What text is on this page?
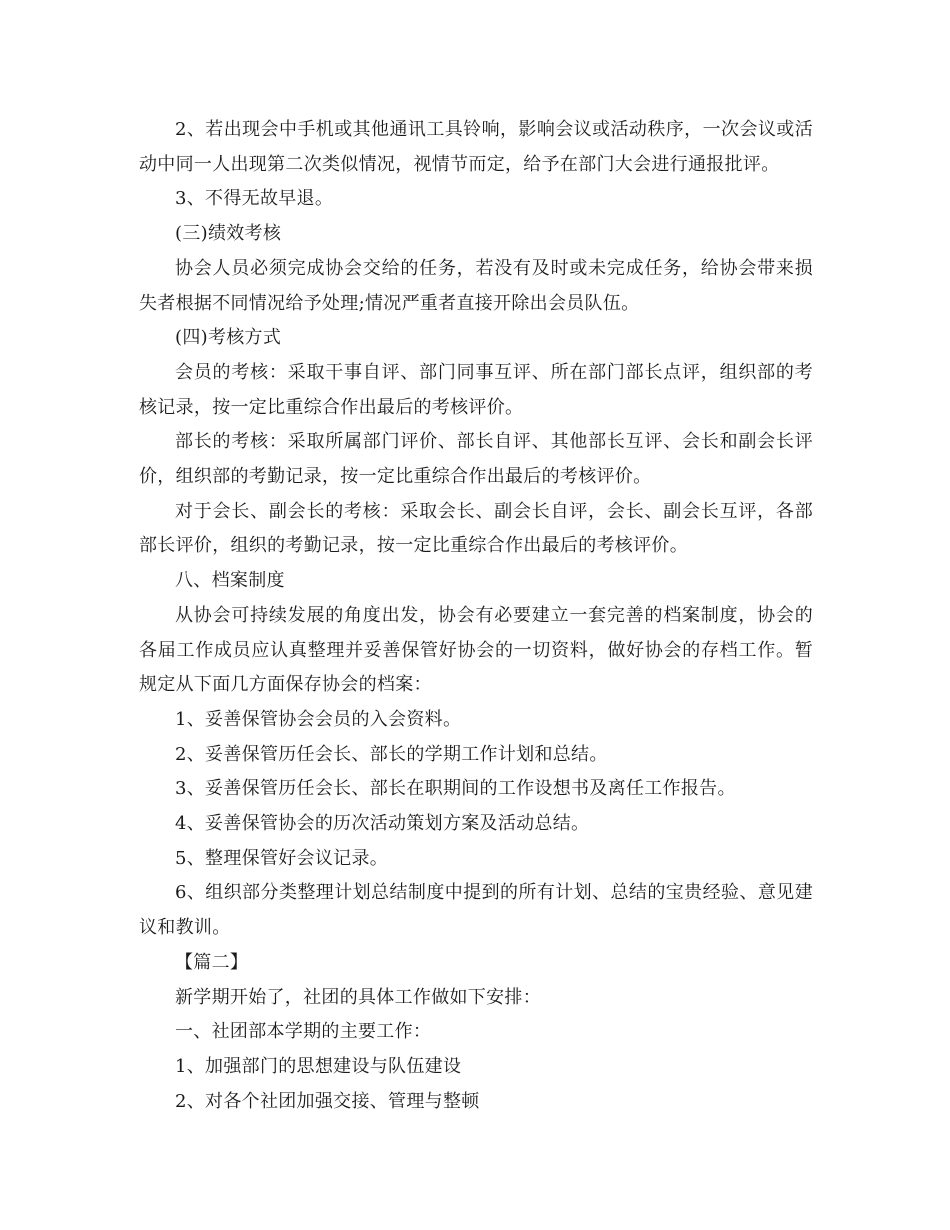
2、若出现会中手机或其他通讯工具铃响，影响会议或活动秩序，一次会议或活动中同一人出现第二次类似情况，视情节而定，给予在部门大会进行通报批评。

3、不得无故早退。

(三)绩效考核

协会人员必须完成协会交给的任务，若没有及时或未完成任务，给协会带来损失者根据不同情况给予处理;情况严重者直接开除出会员队伍。

(四)考核方式

会员的考核：采取干事自评、部门同事互评、所在部门部长点评，组织部的考核记录，按一定比重综合作出最后的考核评价。

部长的考核：采取所属部门评价、部长自评、其他部长互评、会长和副会长评价，组织部的考勤记录，按一定比重综合作出最后的考核评价。

对于会长、副会长的考核：采取会长、副会长自评，会长、副会长互评，各部部长评价，组织的考勤记录，按一定比重综合作出最后的考核评价。

八、档案制度

从协会可持续发展的角度出发，协会有必要建立一套完善的档案制度，协会的各届工作成员应认真整理并妥善保管好协会的一切资料，做好协会的存档工作。暂规定从下面几方面保存协会的档案：

1、妥善保管协会会员的入会资料。

2、妥善保管历任会长、部长的学期工作计划和总结。

3、妥善保管历任会长、部长在职期间的工作设想书及离任工作报告。

4、妥善保管协会的历次活动策划方案及活动总结。

5、整理保管好会议记录。

6、组织部分类整理计划总结制度中提到的所有计划、总结的宝贵经验、意见建议和教训。

【篇二】

新学期开始了，社团的具体工作做如下安排：

一、社团部本学期的主要工作：

1、加强部门的思想建设与队伍建设

2、对各个社团加强交接、管理与整顿
